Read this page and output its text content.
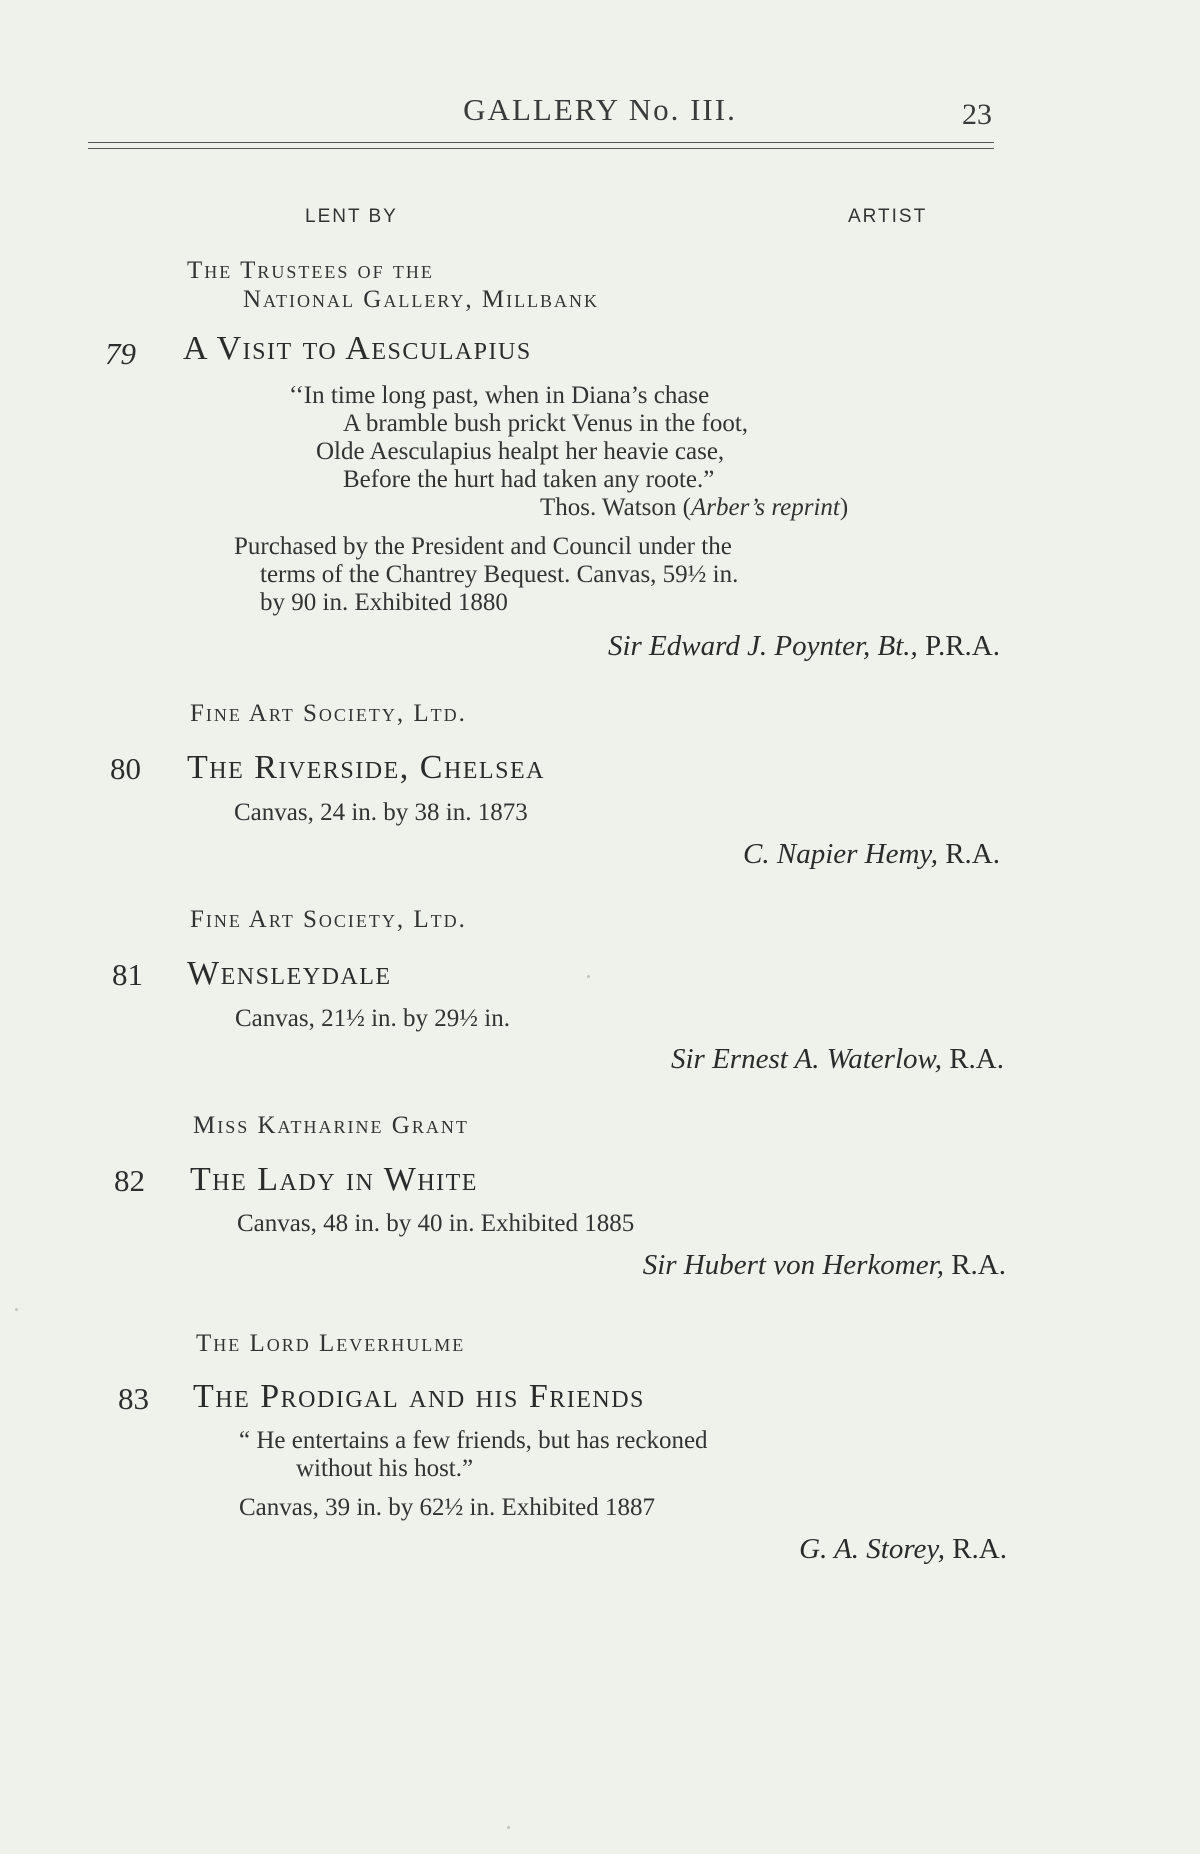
GALLERY No. III.	23
LENT BY	ARTIST
The Trustees of the
National Gallery, Millbank
79 A Visit to Aesculapius
‘‘In time long past, when in Diana’s chase
A bramble bush prickt Venus in the foot,
Olde Aesculapius healpt her heavie case,
Before the hurt had taken any roote.”
Thos. Watson (Arber’s reprint)
Purchased by the President and Council under the
terms of the Chantrey Bequest. Canvas, 59½ in.
by 90 in. Exhibited 1880
Sir Edward J. Poynter, Bt., P.R.A.
Fine Art Society, Ltd.
80 The Riverside, Chelsea
Canvas, 24 in. by 38 in. 1873
C. Napier Hemy, R.A.
Fine Art Society, Ltd.
81 Wensleydale
Canvas, 21½ in. by 29½ in.
Sir Ernest A. Waterlow, R.A.
Miss Katharine Grant
82 The Lady in White
Canvas, 48 in. by 40 in. Exhibited 1885
Sir Hubert von Herkomer, R.A.
The Lord Leverhulme
83 The Prodigal and his Friends
“ He entertains a few friends, but has reckoned
without his host.”
Canvas, 39 in. by 62½ in. Exhibited 1887
G. A. Storey, R.A.
